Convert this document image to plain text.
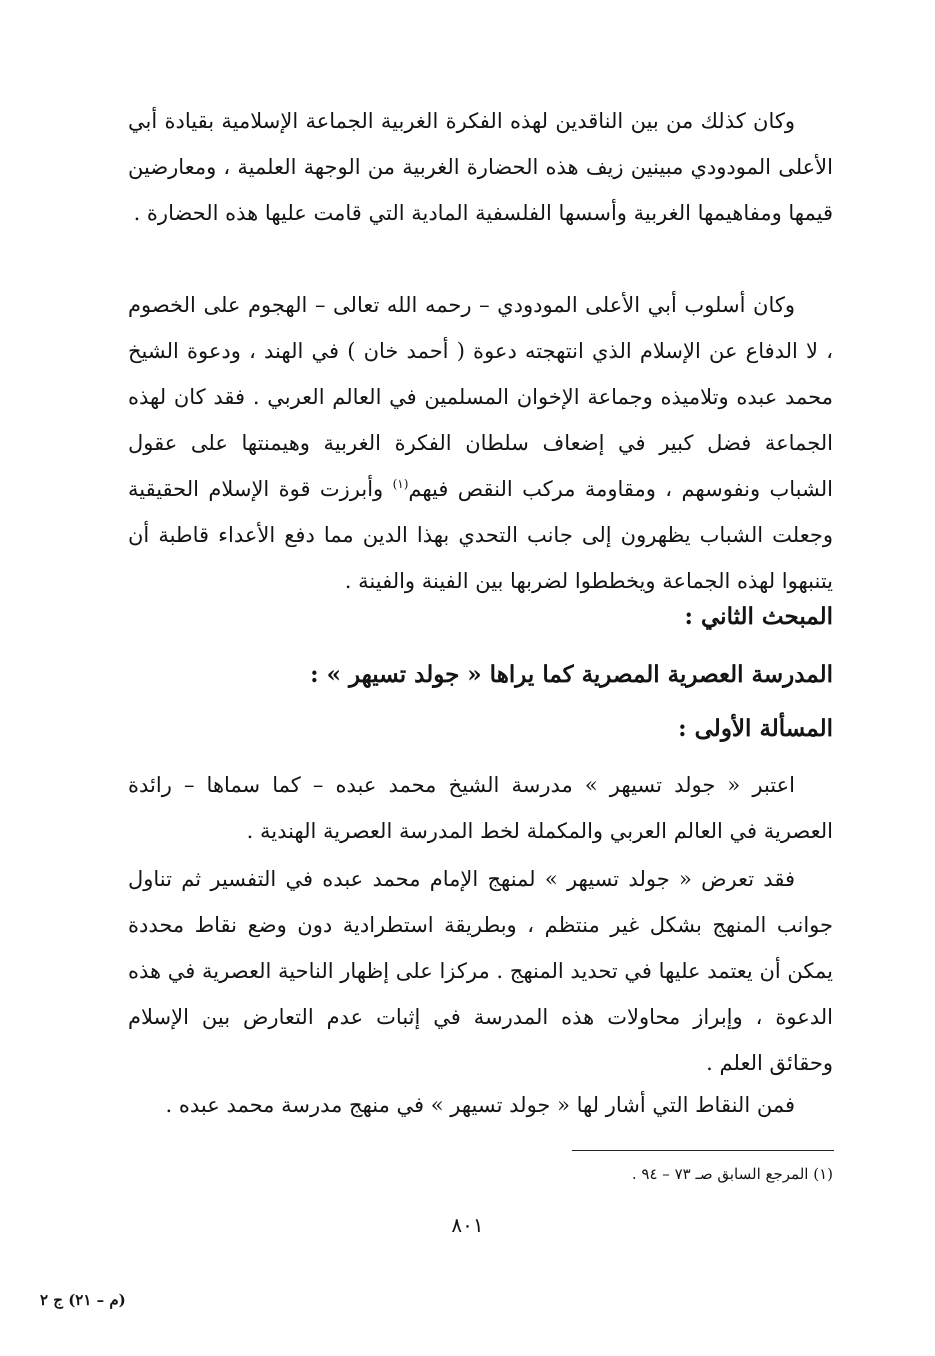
وكان كذلك من بين الناقدين لهذه الفكرة الغربية الجماعة الإسلامية بقيادة أبي الأعلى المودودي مبينين زيف هذه الحضارة الغربية من الوجهة العلمية ، ومعارضين قيمها ومفاهيمها الغربية وأسسها الفلسفية المادية التي قامت عليها هذه الحضارة .

وكان أسلوب أبي الأعلى المودودي – رحمه الله تعالى – الهجوم على الخصوم ، لا الدفاع عن الإسلام الذي انتهجته دعوة ( أحمد خان ) في الهند ، ودعوة الشيخ محمد عبده وتلاميذه وجماعة الإخوان المسلمين في العالم العربي . فقد كان لهذه الجماعة فضل كبير في إضعاف سلطان الفكرة الغربية وهيمنتها على عقول الشباب ونفوسهم ، ومقاومة مركب النقص فيهم$^{(١)}$ وأبرزت قوة الإسلام الحقيقية وجعلت الشباب يظهرون إلى جانب التحدي بهذا الدين مما دفع الأعداء قاطبة أن يتنبهوا لهذه الجماعة ويخططوا لضربها بين الفينة والفينة .

المبحث الثاني :

المدرسة العصرية المصرية كما يراها « جولد تسيهر » :

المسألة الأولى :

اعتبر « جولد تسيهر » مدرسة الشيخ محمد عبده – كما سماها – رائدة العصرية في العالم العربي والمكملة لخط المدرسة العصرية الهندية .

فقد تعرض « جولد تسيهر » لمنهج الإمام محمد عبده في التفسير ثم تناول جوانب المنهج بشكل غير منتظم ، وبطريقة استطرادية دون وضع نقاط محددة يمكن أن يعتمد عليها في تحديد المنهج . مركزا على إظهار الناحية العصرية في هذه الدعوة ، وإبراز محاولات هذه المدرسة في إثبات عدم التعارض بين الإسلام وحقائق العلم .

فمن النقاط التي أشار لها « جولد تسيهر » في منهج مدرسة محمد عبده .

(١) المرجع السابق صـ ٧٣ – ٩٤ .
٨٠١
(م – ٢١) ج ٢
